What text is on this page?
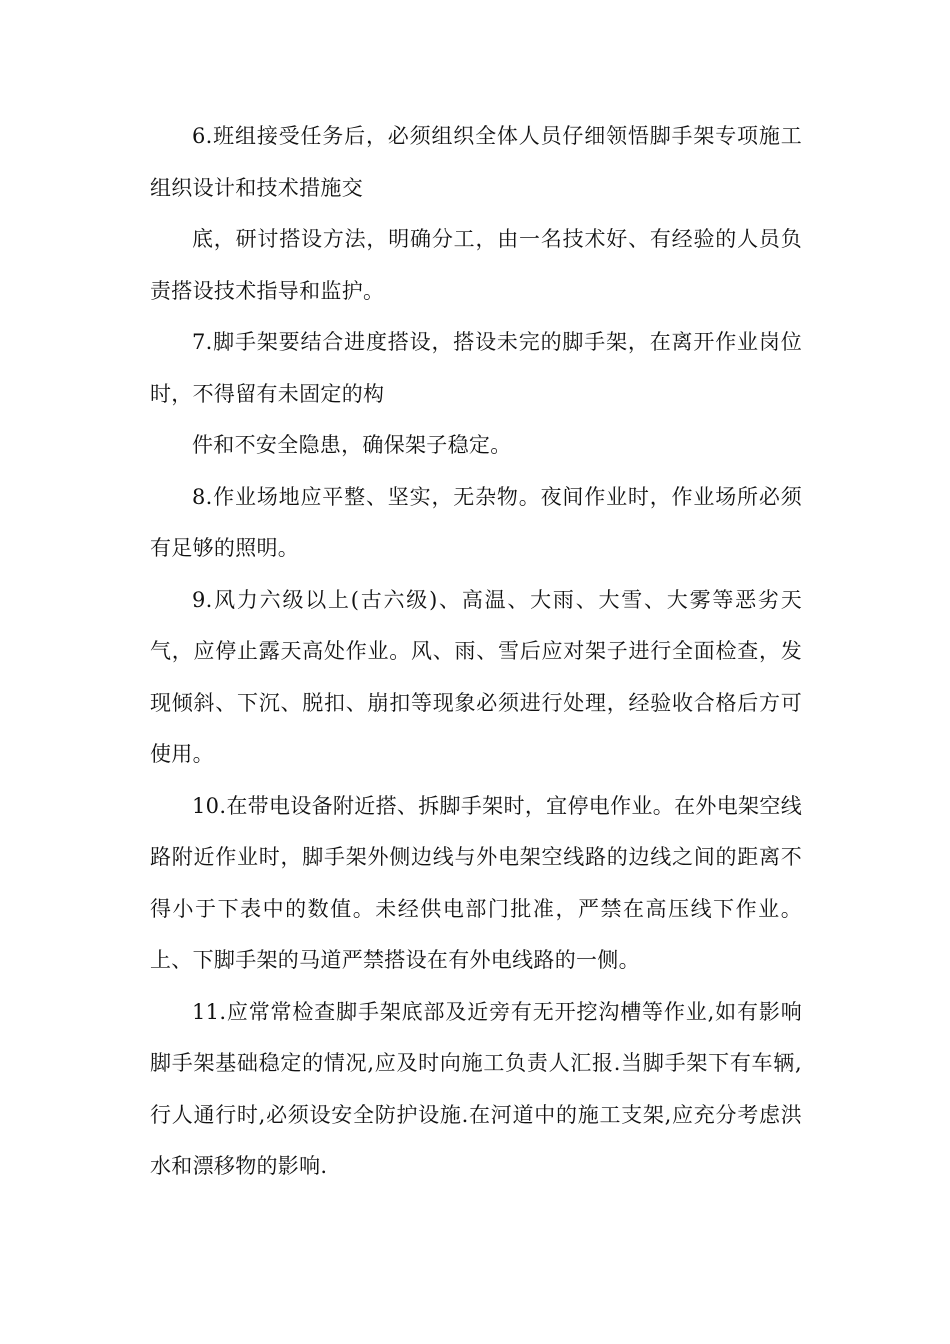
6.班组接受任务后，必须组织全体人员仔细领悟脚手架专项施工组织设计和技术措施交

底，研讨搭设方法，明确分工，由一名技术好、有经验的人员负责搭设技术指导和监护。

7.脚手架要结合进度搭设，搭设未完的脚手架，在离开作业岗位时，不得留有未固定的构

件和不安全隐患，确保架子稳定。

8.作业场地应平整、坚实，无杂物。夜间作业时，作业场所必须有足够的照明。

9.风力六级以上(古六级)、高温、大雨、大雪、大雾等恶劣天气，应停止露天高处作业。风、雨、雪后应对架子进行全面检查，发现倾斜、下沉、脱扣、崩扣等现象必须进行处理，经验收合格后方可使用。

10.在带电设备附近搭、拆脚手架时，宜停电作业。在外电架空线路附近作业时，脚手架外侧边线与外电架空线路的边线之间的距离不得小于下表中的数值。未经供电部门批准，严禁在高压线下作业。上、下脚手架的马道严禁搭设在有外电线路的一侧。

11.应常常检查脚手架底部及近旁有无开挖沟槽等作业,如有影响脚手架基础稳定的情况,应及时向施工负责人汇报.当脚手架下有车辆,行人通行时,必须设安全防护设施.在河道中的施工支架,应充分考虑洪水和漂移物的影响.
